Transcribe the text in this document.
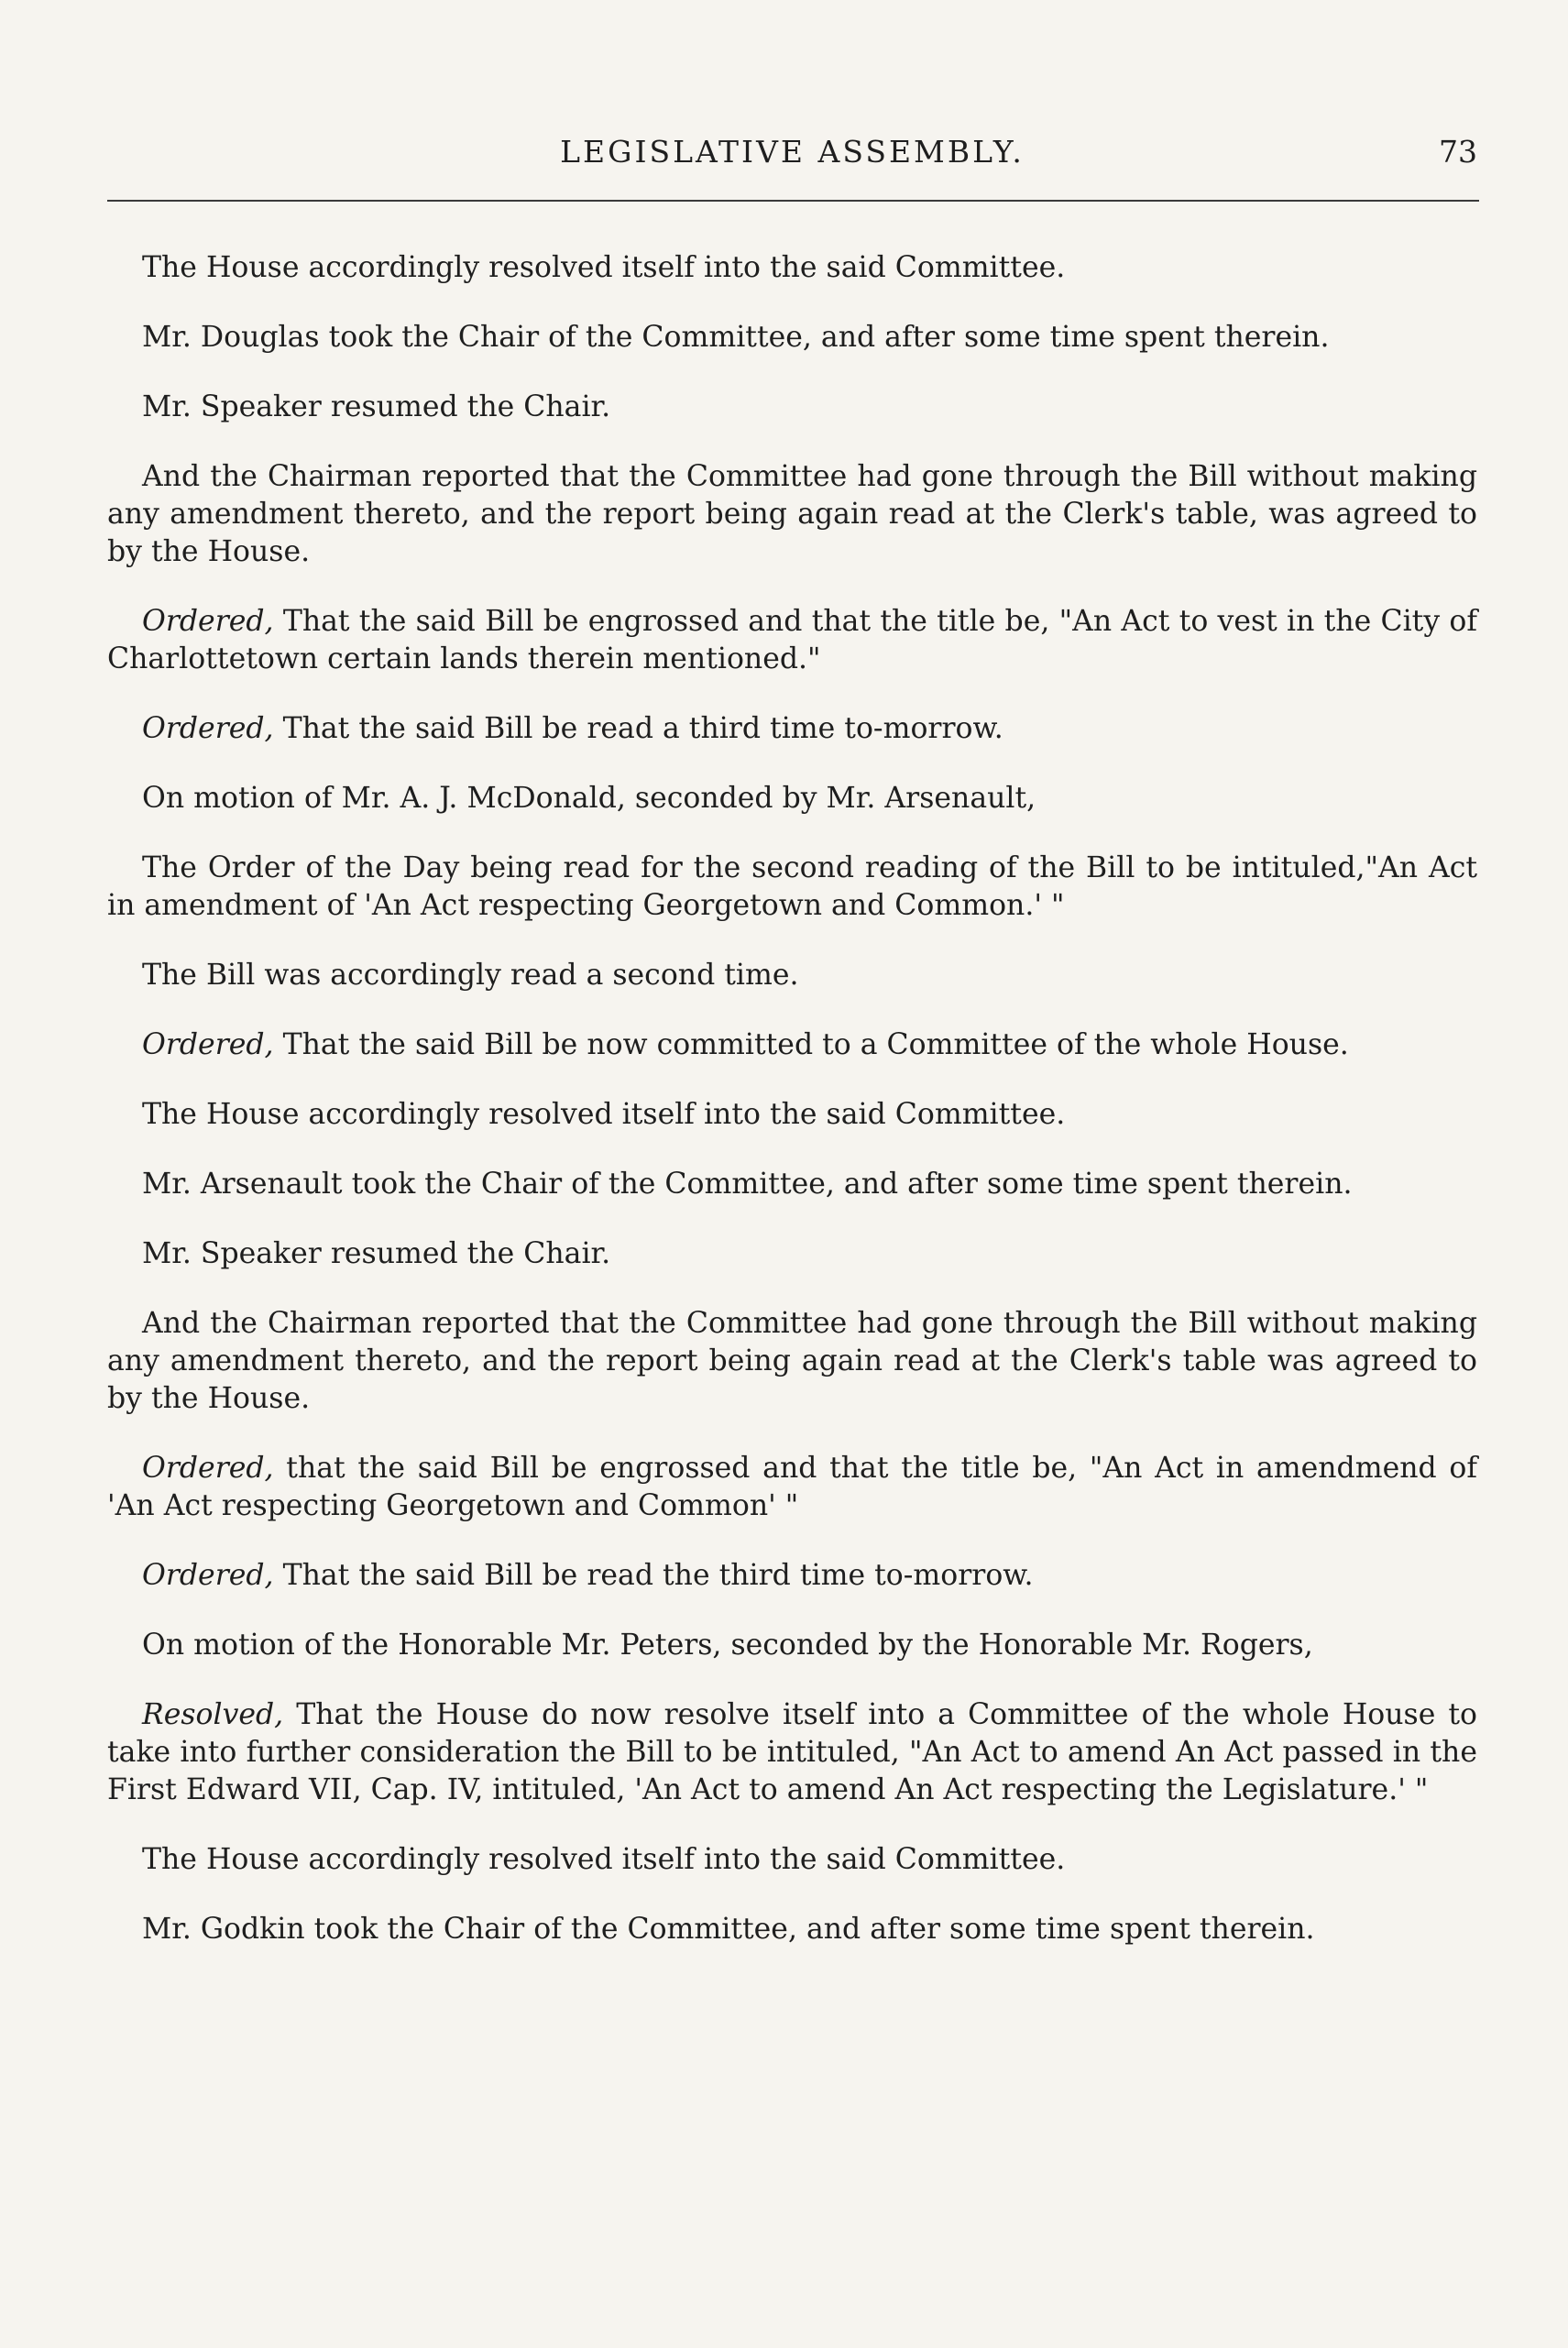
LEGISLATIVE ASSEMBLY.	73

The House accordingly resolved itself into the said Committee.

Mr. Douglas took the Chair of the Committee, and after some time spent therein.

Mr. Speaker resumed the Chair.

And the Chairman reported that the Committee had gone through the Bill without making any amendment thereto, and the report being again read at the Clerk's table, was agreed to by the House.

Ordered, That the said Bill be engrossed and that the title be, "An Act to vest in the City of Charlottetown certain lands therein mentioned."

Ordered, That the said Bill be read a third time to-morrow.

On motion of Mr. A. J. McDonald, seconded by Mr. Arsenault,

The Order of the Day being read for the second reading of the Bill to be intituled,"An Act in amendment of 'An Act respecting Georgetown and Common.' "

The Bill was accordingly read a second time.

Ordered, That the said Bill be now committed to a Committee of the whole House.

The House accordingly resolved itself into the said Committee.

Mr. Arsenault took the Chair of the Committee, and after some time spent therein.

Mr. Speaker resumed the Chair.

And the Chairman reported that the Committee had gone through the Bill without making any amendment thereto, and the report being again read at the Clerk's table was agreed to by the House.

Ordered, that the said Bill be engrossed and that the title be, "An Act in amendmend of 'An Act respecting Georgetown and Common' "

Ordered, That the said Bill be read the third time to-morrow.

On motion of the Honorable Mr. Peters, seconded by the Honorable Mr. Rogers,

Resolved, That the House do now resolve itself into a Committee of the whole House to take into further consideration the Bill to be intituled, "An Act to amend An Act passed in the First Edward VII, Cap. IV, intituled, 'An Act to amend An Act respecting the Legislature.' "

The House accordingly resolved itself into the said Committee.

Mr. Godkin took the Chair of the Committee, and after some time spent therein.
